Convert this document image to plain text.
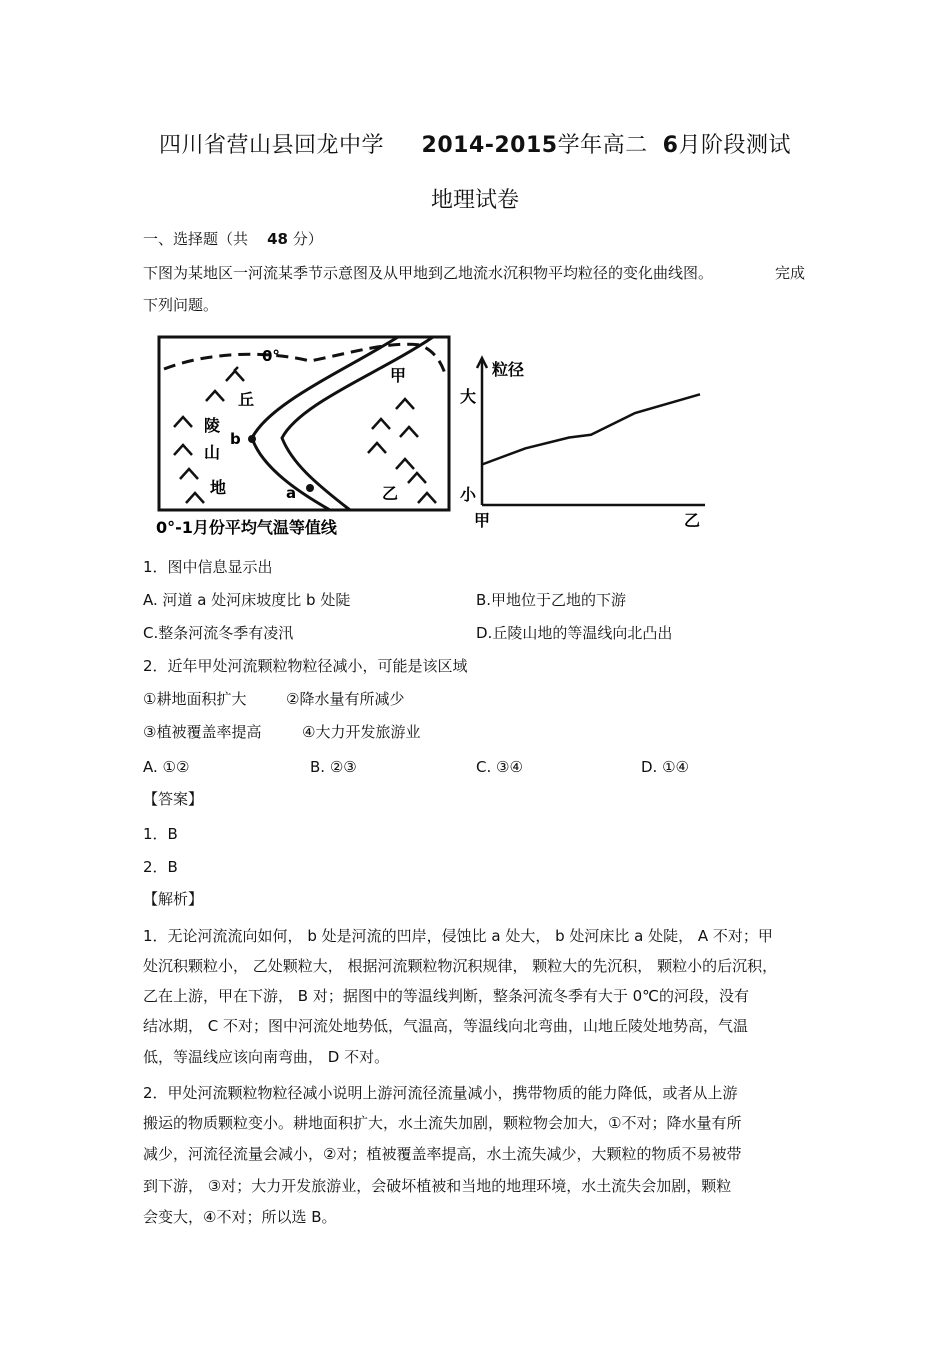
四川省营山县回龙中学 2014-2015学年高二 6月阶段测试
地理试卷
一、选择题（共 48 分）
下图为某地区一河流某季节示意图及从甲地到乙地流水沉积物平均粒径的变化曲线图。	完成
下列问题。
0°
b
a
甲
乙
丘
陵
山
地
0°-1月份平均气温等值线
粒径
大
小
甲	乙
1．图中信息显示出
A. 河道 a 处河床坡度比 b 处陡	B.甲地位于乙地的下游
C.整条河流冬季有凌汛	D.丘陵山地的等温线向北凸出
2．近年甲处河流颗粒物粒径减小，可能是该区域
①耕地面积扩大	②降水量有所减少
③植被覆盖率提高	④大力开发旅游业
A. ①②	B. ②③	C. ③④	D. ①④
【答案】
1．B
2．B
【解析】
1．无论河流流向如何， b 处是河流的凹岸，侵蚀比 a 处大， b 处河床比 a 处陡， A 不对；甲
处沉积颗粒小， 乙处颗粒大， 根据河流颗粒物沉积规律， 颗粒大的先沉积， 颗粒小的后沉积，
乙在上游，甲在下游， B 对；据图中的等温线判断，整条河流冬季有大于 0℃的河段，没有
结冰期， C 不对；图中河流处地势低，气温高，等温线向北弯曲，山地丘陵处地势高，气温
低，等温线应该向南弯曲， D 不对。
2．甲处河流颗粒物粒径减小说明上游河流径流量减小，携带物质的能力降低，或者从上游
搬运的物质颗粒变小。耕地面积扩大，水土流失加剧，颗粒物会加大，①不对；降水量有所
减少，河流径流量会减小，②对；植被覆盖率提高，水土流失减少，大颗粒的物质不易被带
到下游， ③对；大力开发旅游业，会破坏植被和当地的地理环境，水土流失会加剧，颗粒
会变大，④不对；所以选 B。
